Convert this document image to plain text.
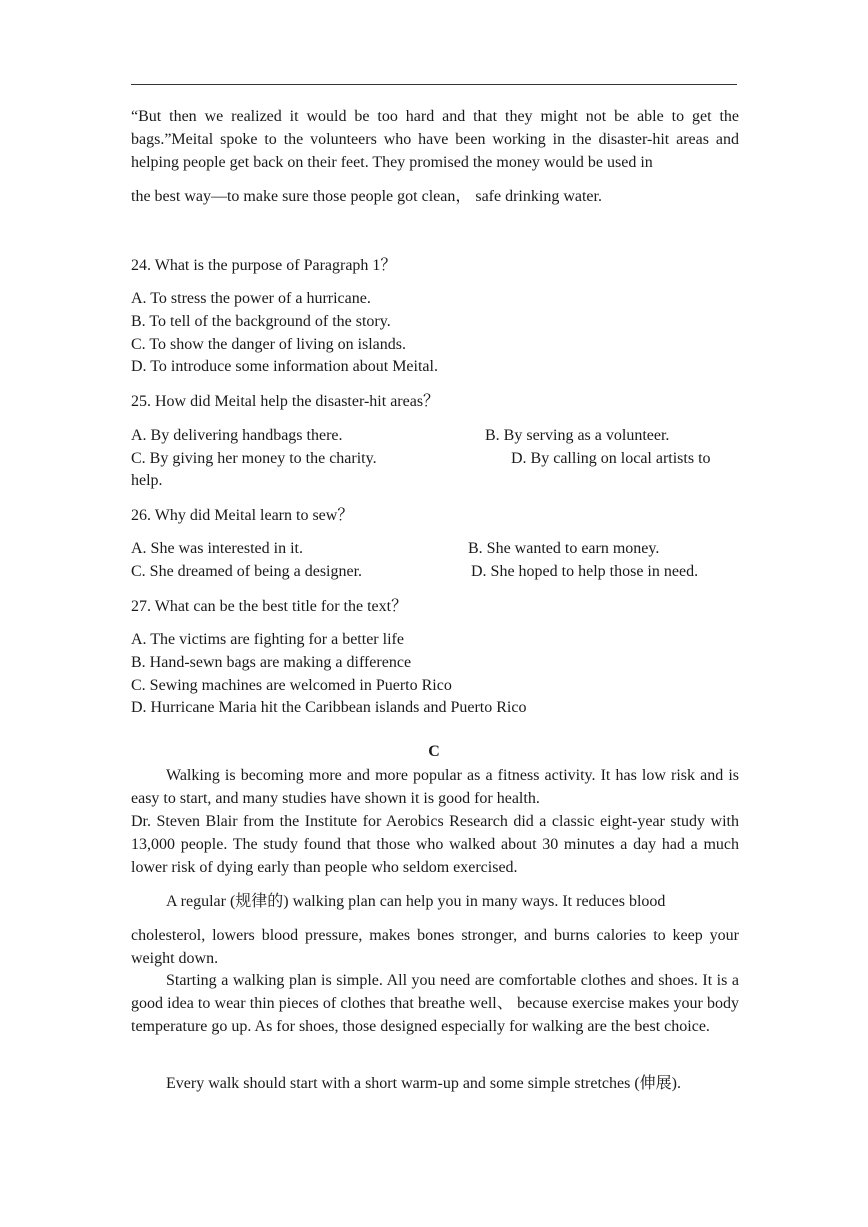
“But then we realized it would be too hard and that they might not be able to get the bags.”Meital spoke to the volunteers who have been working in the disaster-hit areas and helping people get back on their feet. They promised the money would be used in
the best way—to make sure those people got clean， safe drinking water.
24. What is the purpose of Paragraph 1？
A. To stress the power of a hurricane.
B. To tell of the background of the story.
C. To show the danger of living on islands.
D. To introduce some information about Meital.
25. How did Meital help the disaster-hit areas？
A. By delivering handbags there.	B. By serving as a volunteer.
C. By giving her money to the charity.	D. By calling on local artists to
help.
26. Why did Meital learn to sew？
A. She was interested in it.	B. She wanted to earn money.
C. She dreamed of being a designer.	D. She hoped to help those in need.
27. What can be the best title for the text？
A. The victims are fighting for a better life
B. Hand-sewn bags are making a difference
C. Sewing machines are welcomed in Puerto Rico
D. Hurricane Maria hit the Caribbean islands and Puerto Rico
C
Walking is becoming more and more popular as a fitness activity. It has low risk and is easy to start, and many studies have shown it is good for health.
Dr. Steven Blair from the Institute for Aerobics Research did a classic eight-year study with 13,000 people. The study found that those who walked about 30 minutes a day had a much lower risk of dying early than people who seldom exercised.
A regular (规律的) walking plan can help you in many ways. It reduces blood
cholesterol, lowers blood pressure, makes bones stronger, and burns calories to keep your weight down.
Starting a walking plan is simple. All you need are comfortable clothes and shoes. It is a good idea to wear thin pieces of clothes that breathe well、 because exercise makes your body temperature go up. As for shoes, those designed especially for walking are the best choice.
Every walk should start with a short warm-up and some simple stretches (伸展).
